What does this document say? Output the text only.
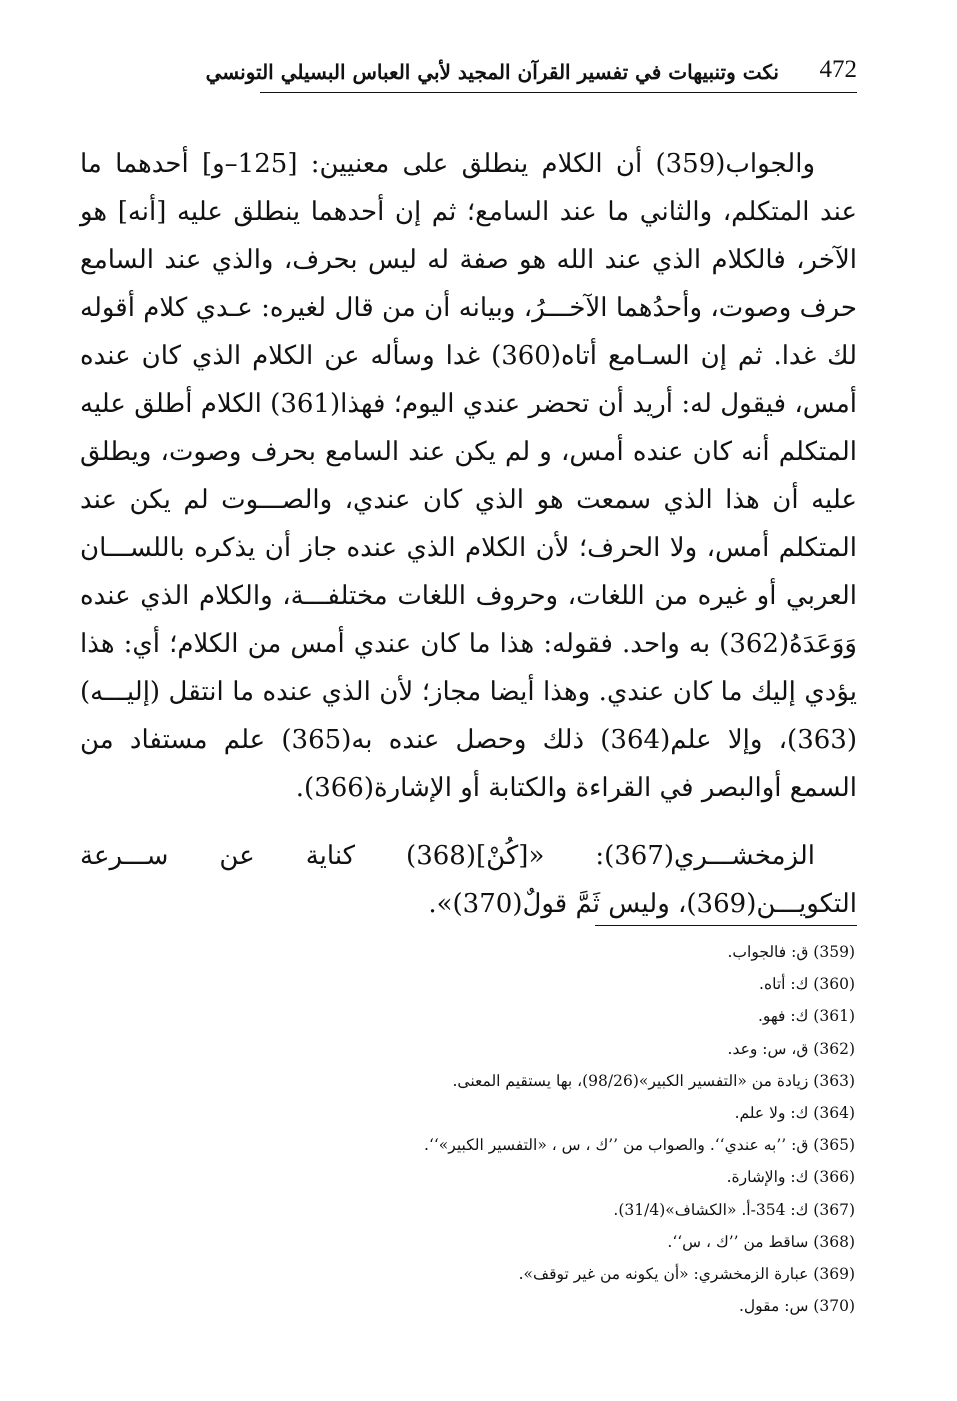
472
نكت وتنبيهات في تفسير القرآن المجيد لأبي العباس البسيلي التونسي

والجواب(359) أن الكلام ينطلق على معنيين: [125–و] أحدهما ما عند المتكلم، والثاني ما عند السامع؛ ثم إن أحدهما ينطلق عليه [أنه] هو الآخر، فالكلام الذي عند الله هو صفة له ليس بحرف، والذي عند السامع حرف وصوت، وأحدُهما الآخـــرُ، وبيانه أن من قال لغيره: عـدي كلام أقوله لك غدا. ثم إن السـامع أتاه(360) غدا وسأله عن الكلام الذي كان عنده أمس، فيقول له: أريد أن تحضر عندي اليوم؛ فهذا(361) الكلام أطلق عليه المتكلم أنه كان عنده أمس، و لم يكن عند السامع بحرف وصوت، ويطلق عليه أن هذا الذي سمعت هو الذي كان عندي، والصـــوت لم يكن عند المتكلم أمس، ولا الحرف؛ لأن الكلام الذي عنده جاز أن يذكره باللســـان العربي أو غيره من اللغات، وحروف اللغات مختلفـــة، والكلام الذي عنده وَوَعَدَهُ(362) به واحد. فقوله: هذا ما كان عندي أمس من الكلام؛ أي: هذا يؤدي إليك ما كان عندي. وهذا أيضا مجاز؛ لأن الذي عنده ما انتقل (إليـــه)(363)، وإلا علم(364) ذلك وحصل عنده به(365) علم مستفاد من السمع أوالبصر في القراءة والكتابة أو الإشارة(366).

الزمخشـــري(367): «[كُنْ](368) كناية عن ســـرعة التكويـــن(369)، وليس ثَمَّ قولٌ(370)».

(359) ق: فالجواب.
(360) ك: أتاه.
(361) ك: فهو.
(362) ق، س: وعد.
(363) زيادة من «التفسير الكبير»(98/26)، بها يستقيم المعنى.
(364) ك: ولا علم.
(365) ق: ’’به عندي‘‘. والصواب من ’’ك ، س ، «التفسير الكبير»‘‘.
(366) ك: والإشارة.
(367) ك: 354-أ. «الكشاف»(31/4).
(368) ساقط من ’’ك ، س‘‘.
(369) عبارة الزمخشري: «أن يكونه من غير توقف».
(370) س: مقول.
